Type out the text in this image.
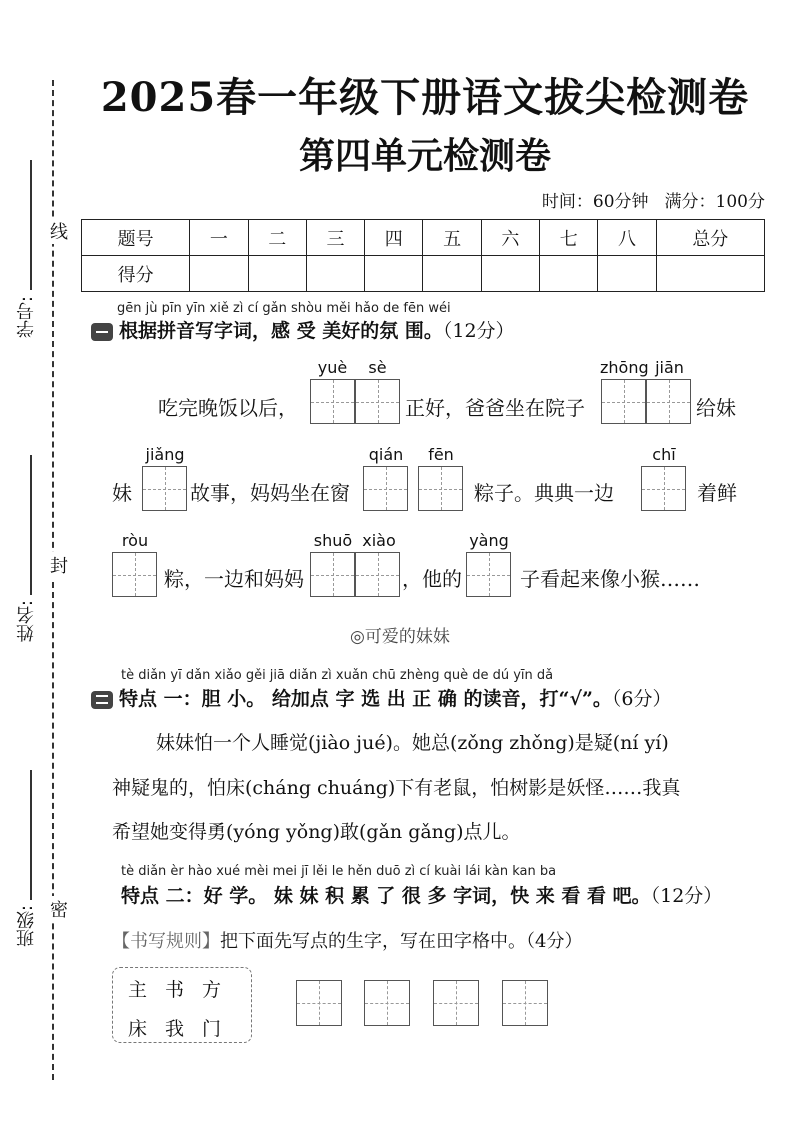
学号:
姓名:
班级:
线
封
密
2025春一年级下册语文拔尖检测卷
第四单元检测卷
时间：60分钟 满分：100分
题号	一	二	三	四	五	六	七	八	总分
得分									
gēn jù pīn yīn xiě zì cí gǎn shòu měi hǎo de fēn wéi
根据拼音写字词，感 受 美好的氛 围。（12分）
吃完晚饭以后，
yuè	sè
正好，爸爸坐在院子
zhōng jiān
给妹
妹
jiǎng
故事，妈妈坐在窗
qián	fēn
粽子。典典一边
chī
着鲜
ròu
粽，一边和妈妈
shuō xiào
，他的
yàng
子看起来像小猴……
◎可爱的妹妹
tè diǎn yī dǎn xiǎo gěi jiā diǎn zì xuǎn chū zhèng què de dú yīn dǎ
特点 一：胆 小。 给加点 字 选 出 正 确 的读音，打“√”。（6分）
妹妹怕一个人睡觉(jiào jué)。她总(zǒng zhǒng)是疑(ní yí)
神疑鬼的，怕床(cháng chuáng)下有老鼠，怕树影是妖怪……我真
希望她变得勇(yóng yǒng)敢(gǎn gǎng)点儿。
tè diǎn èr hào xué mèi mei jī lěi le hěn duō zì cí kuài lái kàn kan ba
特点 二：好 学。 妹 妹 积 累 了 很 多 字词，快 来 看 看 吧。（12分）
【书写规则】把下面先写点的生字，写在田字格中。（4分）
主书方
床我门
